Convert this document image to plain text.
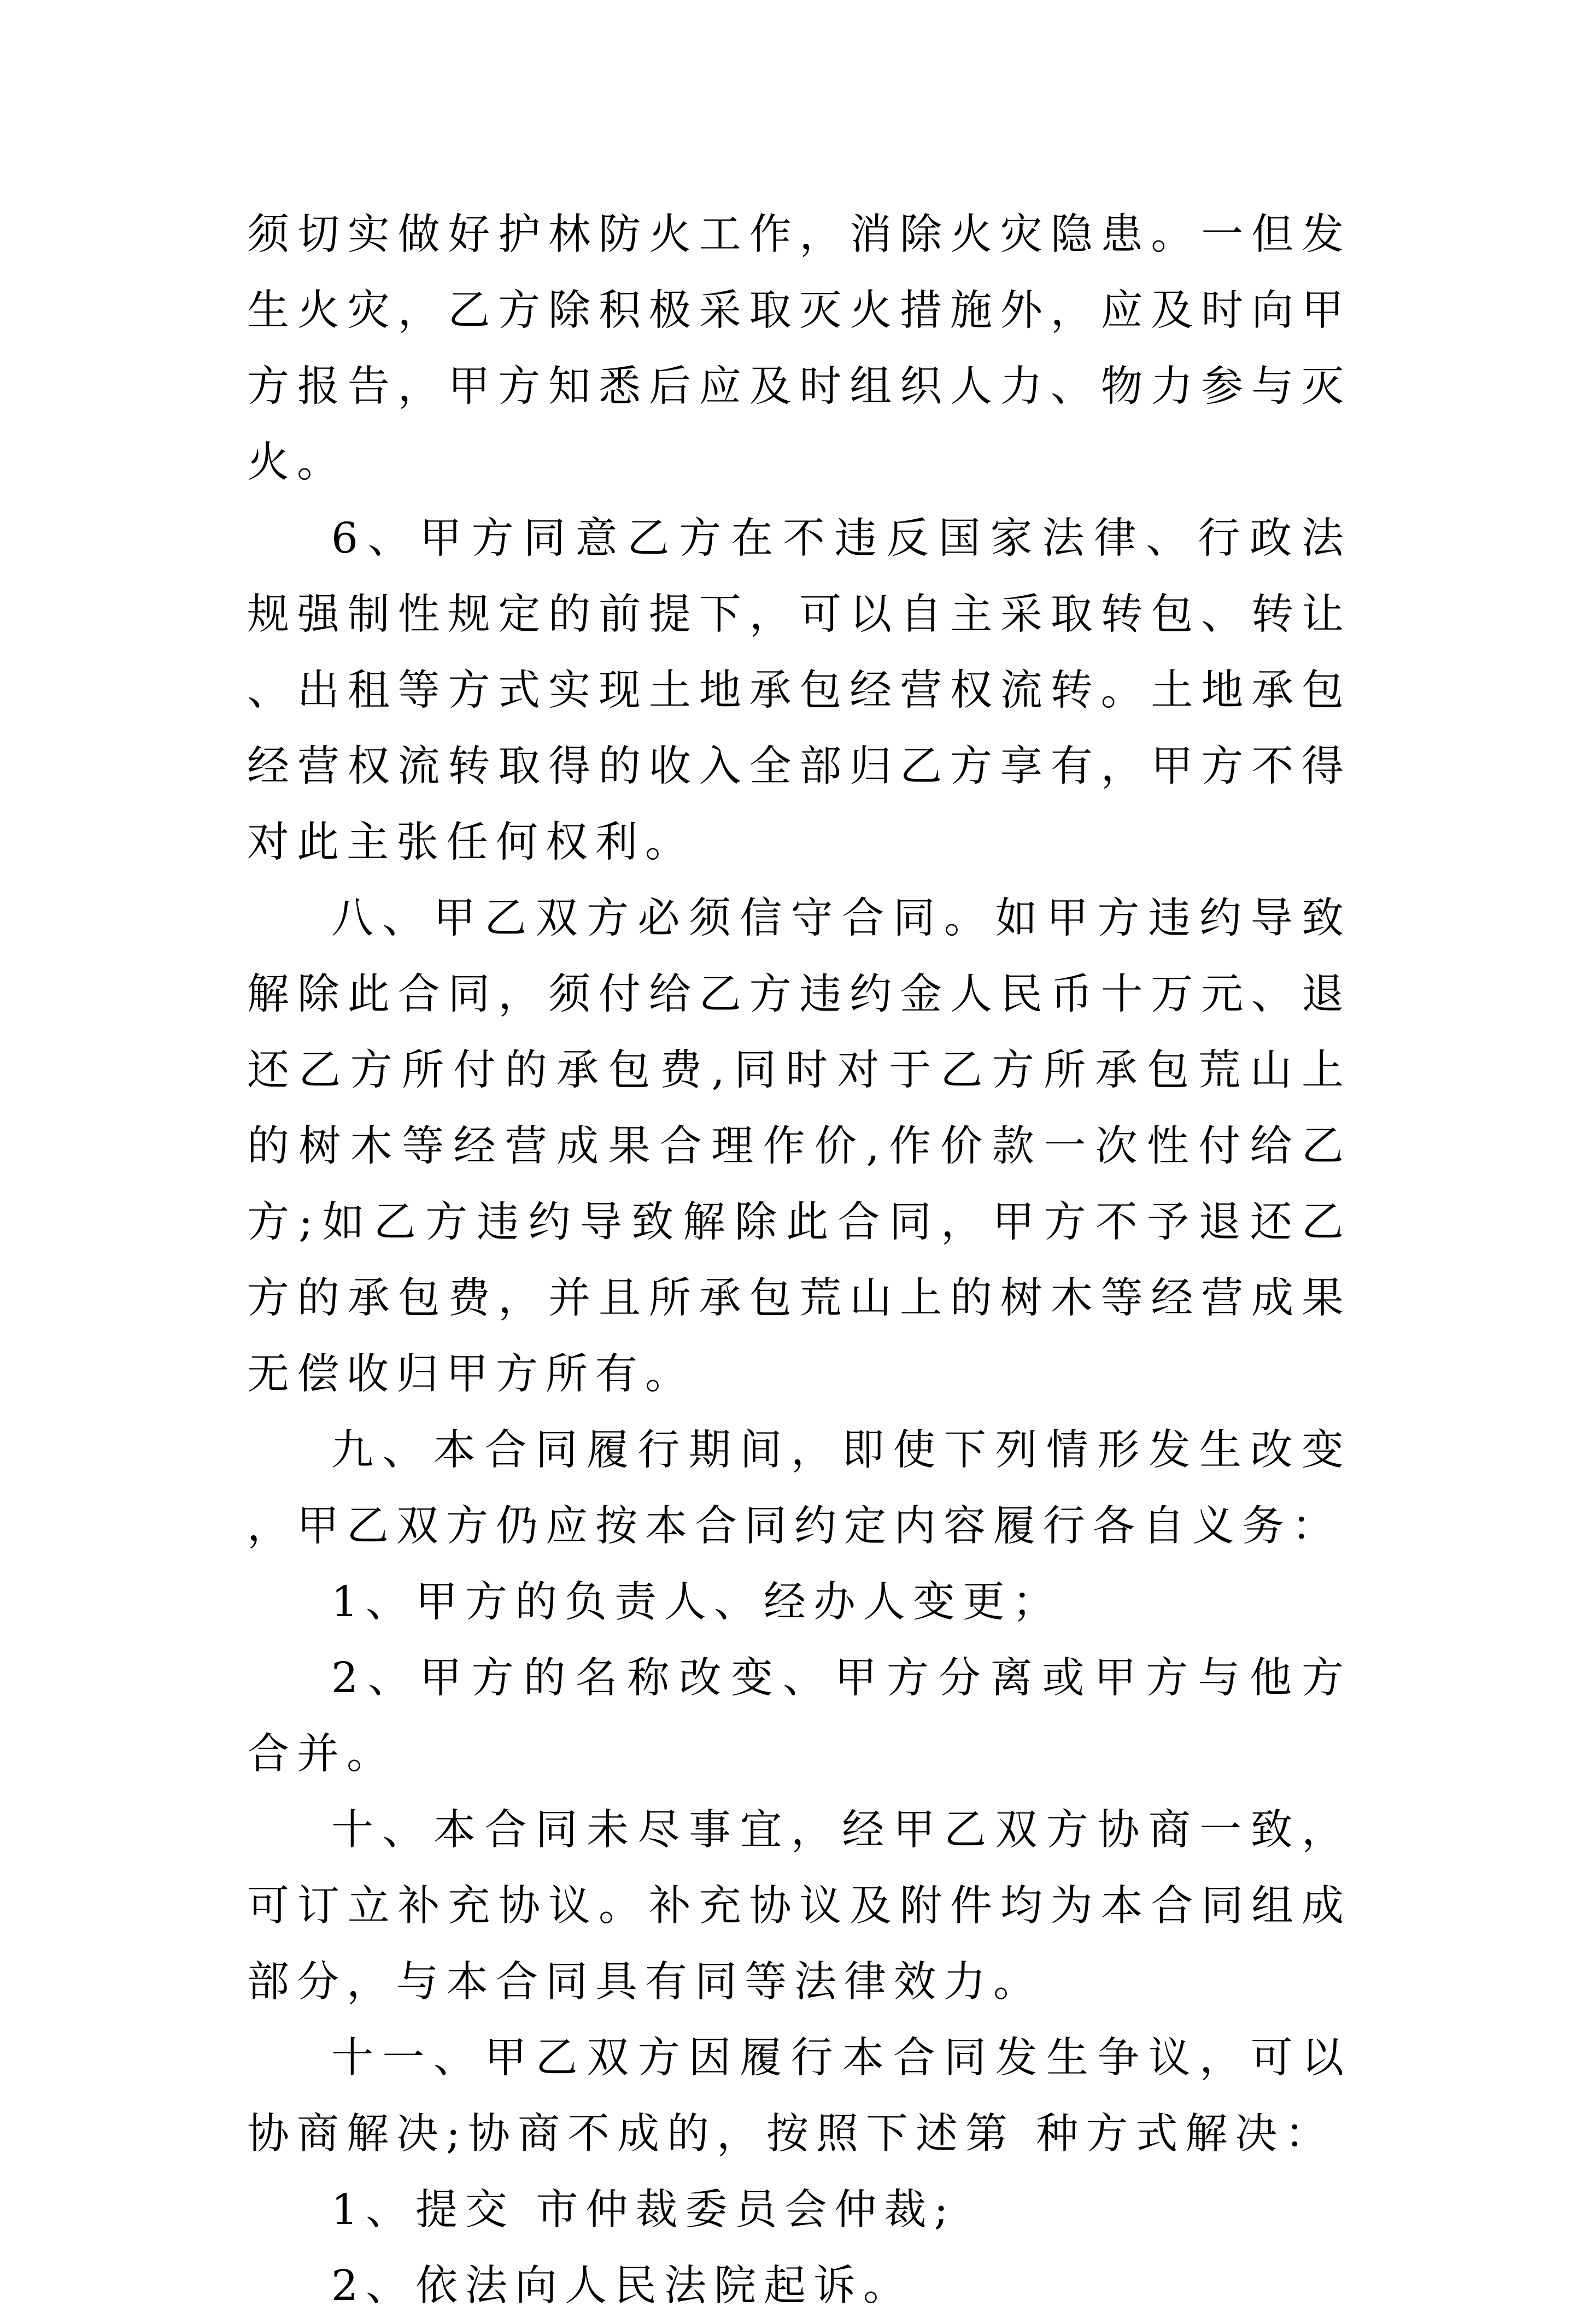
须切实做好护林防火工作，消除火灾隐患。一但发生火灾，乙方除积极采取灭火措施外，应及时向甲方报告，甲方知悉后应及时组织人力、物力参与灭火。

6、甲方同意乙方在不违反国家法律、行政法规强制性规定的前提下，可以自主采取转包、转让、出租等方式实现土地承包经营权流转。土地承包经营权流转取得的收入全部归乙方享有，甲方不得对此主张任何权利。

八、甲乙双方必须信守合同。如甲方违约导致解除此合同，须付给乙方违约金人民币十万元、退还乙方所付的承包费,同时对于乙方所承包荒山上的树木等经营成果合理作价,作价款一次性付给乙方;如乙方违约导致解除此合同，甲方不予退还乙方的承包费，并且所承包荒山上的树木等经营成果无偿收归甲方所有。

九、本合同履行期间，即使下列情形发生改变，甲乙双方仍应按本合同约定内容履行各自义务：

1、甲方的负责人、经办人变更；

2、甲方的名称改变、甲方分离或甲方与他方合并。

十、本合同未尽事宜，经甲乙双方协商一致，可订立补充协议。补充协议及附件均为本合同组成部分，与本合同具有同等法律效力。

十一、甲乙双方因履行本合同发生争议，可以协商解决;协商不成的，按照下述第 种方式解决：

1、提交 市仲裁委员会仲裁;

2、依法向人民法院起诉。
